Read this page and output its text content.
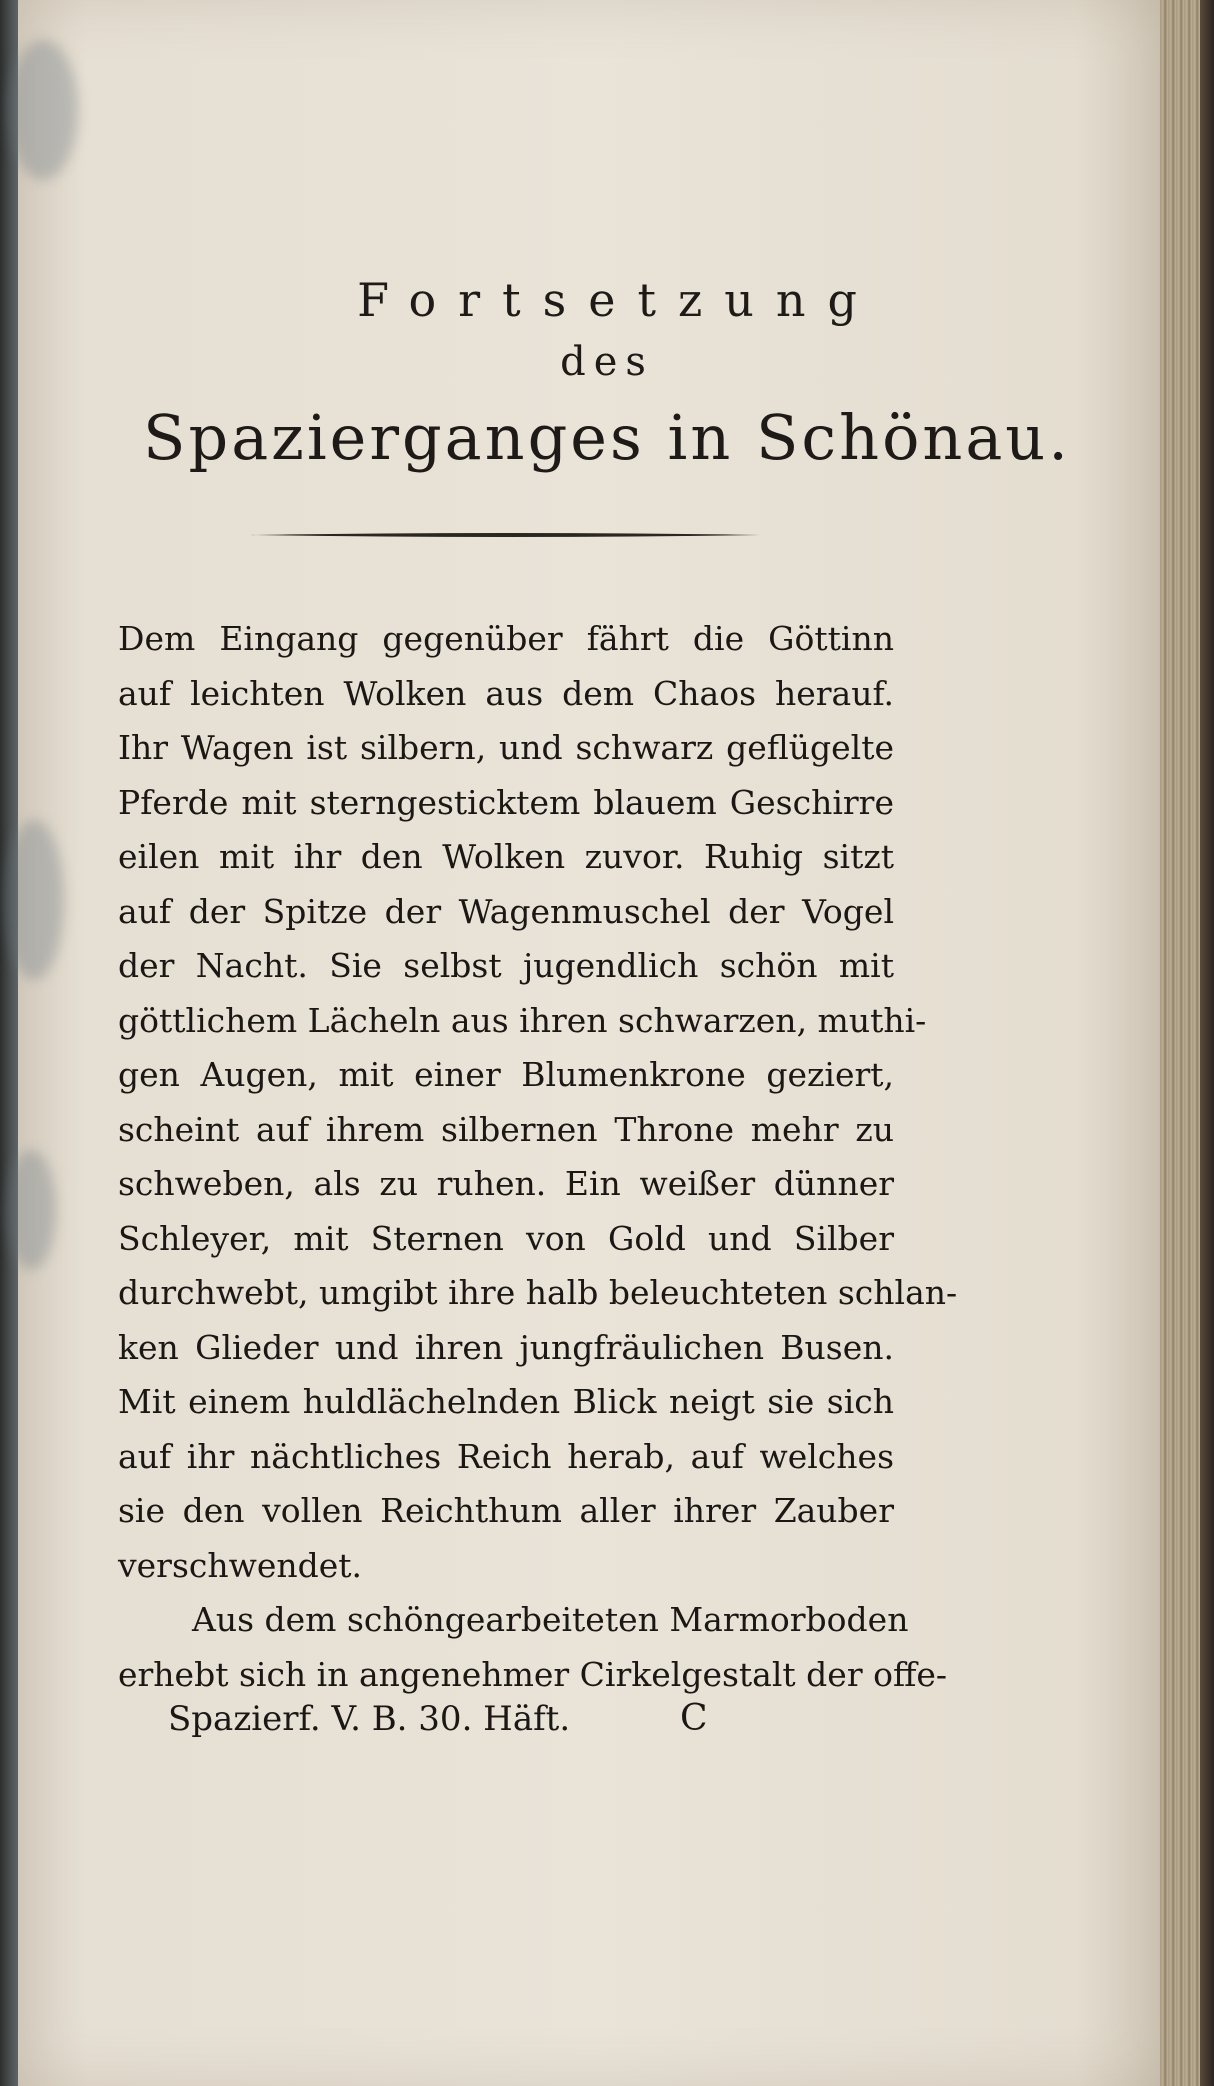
Fortsetzung
des
Spazierganges in Schönau.
Dem Eingang gegenüber fährt die Göttinn
auf leichten Wolken aus dem Chaos herauf.
Ihr Wagen ist silbern, und schwarz geflügelte
Pferde mit sterngesticktem blauem Geschirre
eilen mit ihr den Wolken zuvor. Ruhig sitzt
auf der Spitze der Wagenmuschel der Vogel
der Nacht. Sie selbst jugendlich schön mit
göttlichem Lächeln aus ihren schwarzen, muthi-
gen Augen, mit einer Blumenkrone geziert,
scheint auf ihrem silbernen Throne mehr zu
schweben, als zu ruhen. Ein weißer dünner
Schleyer, mit Sternen von Gold und Silber
durchwebt, umgibt ihre halb beleuchteten schlan-
ken Glieder und ihren jungfräulichen Busen.
Mit einem huldlächelnden Blick neigt sie sich
auf ihr nächtliches Reich herab, auf welches
sie den vollen Reichthum aller ihrer Zauber
verschwendet.
Aus dem schöngearbeiteten Marmorboden
erhebt sich in angenehmer Cirkelgestalt der offe-
Spazierf. V. B. 30. Häft.	C
